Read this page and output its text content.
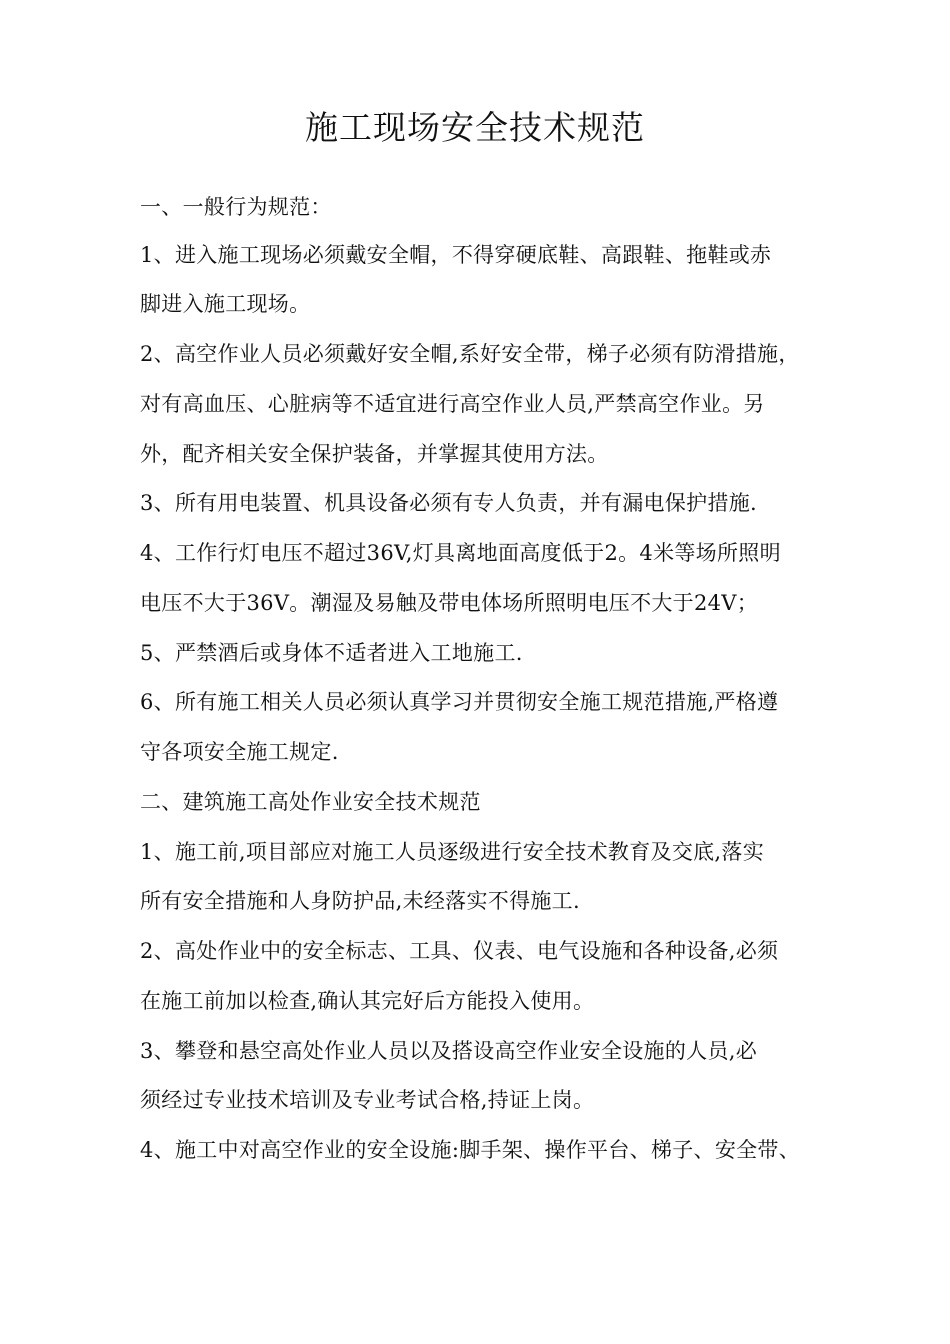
施工现场安全技术规范
一、一般行为规范：
1、进入施工现场必须戴安全帽，不得穿硬底鞋、高跟鞋、拖鞋或赤
脚进入施工现场。
2、高空作业人员必须戴好安全帽,系好安全带，梯子必须有防滑措施，
对有高血压、心脏病等不适宜进行高空作业人员,严禁高空作业。另
外，配齐相关安全保护装备，并掌握其使用方法。
3、所有用电装置、机具设备必须有专人负责，并有漏电保护措施.
4、工作行灯电压不超过36V,灯具离地面高度低于2。4米等场所照明
电压不大于36V。潮湿及易触及带电体场所照明电压不大于24V；
5、严禁酒后或身体不适者进入工地施工.
6、所有施工相关人员必须认真学习并贯彻安全施工规范措施,严格遵
守各项安全施工规定.
二、建筑施工高处作业安全技术规范
1、施工前,项目部应对施工人员逐级进行安全技术教育及交底,落实
所有安全措施和人身防护品,未经落实不得施工.
2、高处作业中的安全标志、工具、仪表、电气设施和各种设备,必须
在施工前加以检查,确认其完好后方能投入使用。
3、攀登和悬空高处作业人员以及搭设高空作业安全设施的人员,必
须经过专业技术培训及专业考试合格,持证上岗。
4、施工中对高空作业的安全设施:脚手架、操作平台、梯子、安全带、
